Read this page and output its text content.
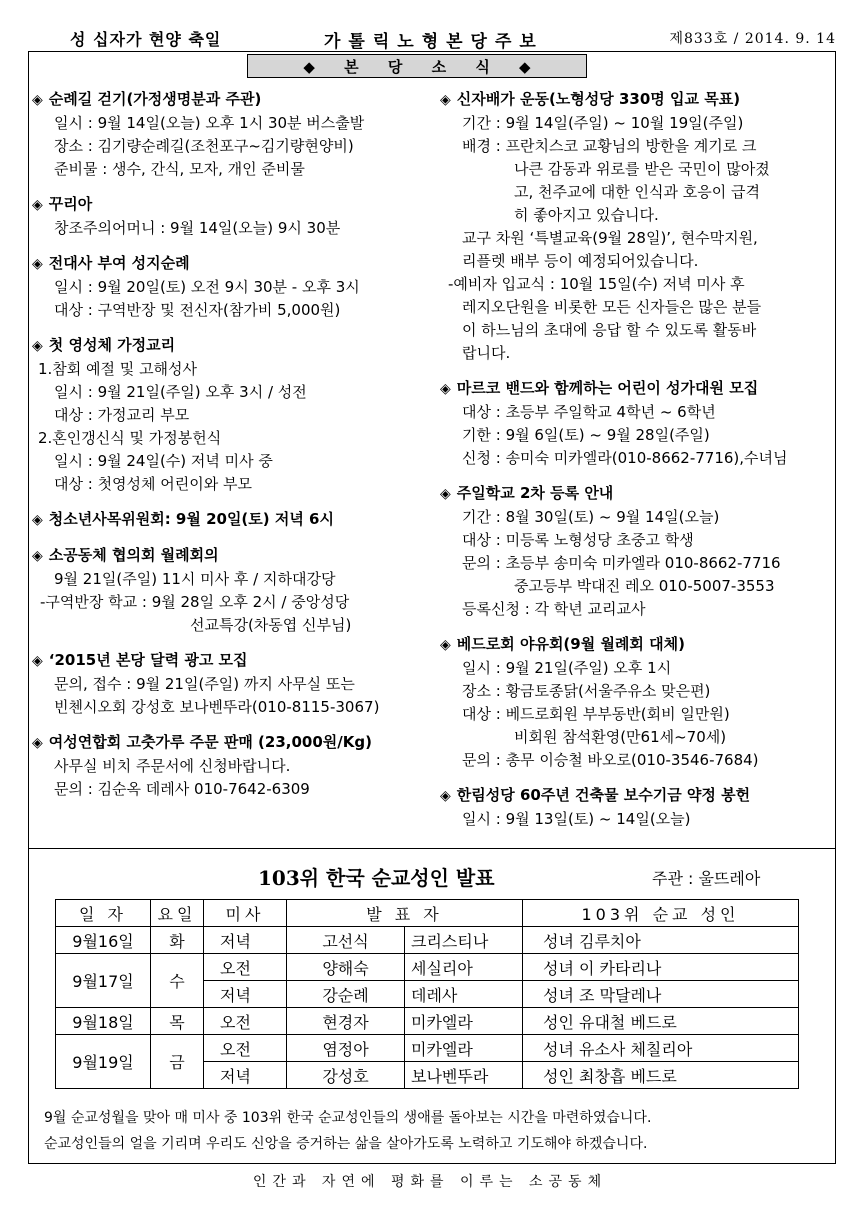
성 십자가 현양 축일	가톨릭노형본당주보	제833호 / 2014. 9. 14
◆ 본 당 소 식 ◆
◈ 순례길 걷기(가정생명분과 주관)
일시 : 9월 14일(오늘) 오후 1시 30분 버스출발
장소 : 김기량순례길(조천포구~김기량현양비)
준비물 : 생수, 간식, 모자, 개인 준비물
◈ 꾸리아
창조주의어머니 : 9월 14일(오늘) 9시 30분
◈ 전대사 부여 성지순례
일시 : 9월 20일(토) 오전 9시 30분 - 오후 3시
대상 : 구역반장 및 전신자(참가비 5,000원)
◈ 첫 영성체 가정교리
1.참회 예절 및 고해성사
일시 : 9월 21일(주일) 오후 3시 / 성전
대상 : 가정교리 부모
2.혼인갱신식 및 가정봉헌식
일시 : 9월 24일(수) 저녁 미사 중
대상 : 첫영성체 어린이와 부모
◈ 청소년사목위원회: 9월 20일(토) 저녁 6시
◈ 소공동체 협의회 월례회의
9월 21일(주일) 11시 미사 후 / 지하대강당
-구역반장 학교 : 9월 28일 오후 2시 / 중앙성당
선교특강(차동엽 신부님)
◈ ‘2015년 본당 달력 광고 모집
문의, 접수 : 9월 21일(주일) 까지 사무실 또는
빈첸시오회 강성호 보나벤뚜라(010-8115-3067)
◈ 여성연합회 고춧가루 주문 판매 (23,000원/Kg)
사무실 비치 주문서에 신청바랍니다.
문의 : 김순옥 데레사 010-7642-6309
◈ 신자배가 운동(노형성당 330명 입교 목표)
기간 : 9월 14일(주일) ~ 10월 19일(주일)
배경 : 프란치스코 교황님의 방한을 계기로 크
나큰 감동과 위로를 받은 국민이 많아졌
고, 천주교에 대한 인식과 호응이 급격
히 좋아지고 있습니다.
교구 차원 ‘특별교육(9월 28일)’, 현수막지원,
리플렛 배부 등이 예정되어있습니다.
-예비자 입교식 : 10월 15일(수) 저녁 미사 후
레지오단원을 비롯한 모든 신자들은 많은 분들
이 하느님의 초대에 응답 할 수 있도록 활동바
랍니다.
◈ 마르코 밴드와 함께하는 어린이 성가대원 모집
대상 : 초등부 주일학교 4학년 ~ 6학년
기한 : 9월 6일(토) ~ 9월 28일(주일)
신청 : 송미숙 미카엘라(010-8662-7716),수녀님
◈ 주일학교 2차 등록 안내
기간 : 8월 30일(토) ~ 9월 14일(오늘)
대상 : 미등록 노형성당 초중고 학생
문의 : 초등부 송미숙 미카엘라 010-8662-7716
중고등부 박대진 레오 010-5007-3553
등록신청 : 각 학년 교리교사
◈ 베드로회 야유회(9월 월례회 대체)
일시 : 9월 21일(주일) 오후 1시
장소 : 황금토종닭(서울주유소 맞은편)
대상 : 베드로회원 부부동반(회비 일만원)
비회원 참석환영(만61세~70세)
문의 : 총무 이승철 바오로(010-3546-7684)
◈ 한림성당 60주년 건축물 보수기금 약정 봉헌
일시 : 9월 13일(토) ~ 14일(오늘)
103위 한국 순교성인 발표	주관 : 울뜨레아
일 자	요일	미사	발 표 자		103위 순교 성인
9월16일	화	저녁	고선식	크리스티나	성녀 김루치아
9월17일	수	오전	양해숙	세실리아	성녀 이 카타리나
		저녁	강순례	데레사	성녀 조 막달레나
9월18일	목	오전	현경자	미카엘라	성인 유대철 베드로
9월19일	금	오전	염정아	미카엘라	성녀 유소사 체칠리아
		저녁	강성호	보나벤뚜라	성인 최창흡 베드로
9월 순교성월을 맞아 매 미사 중 103위 한국 순교성인들의 생애를 돌아보는 시간을 마련하였습니다.
순교성인들의 얼을 기리며 우리도 신앙을 증거하는 삶을 살아가도록 노력하고 기도해야 하겠습니다.
인간과 자연에 평화를 이루는 소공동체
